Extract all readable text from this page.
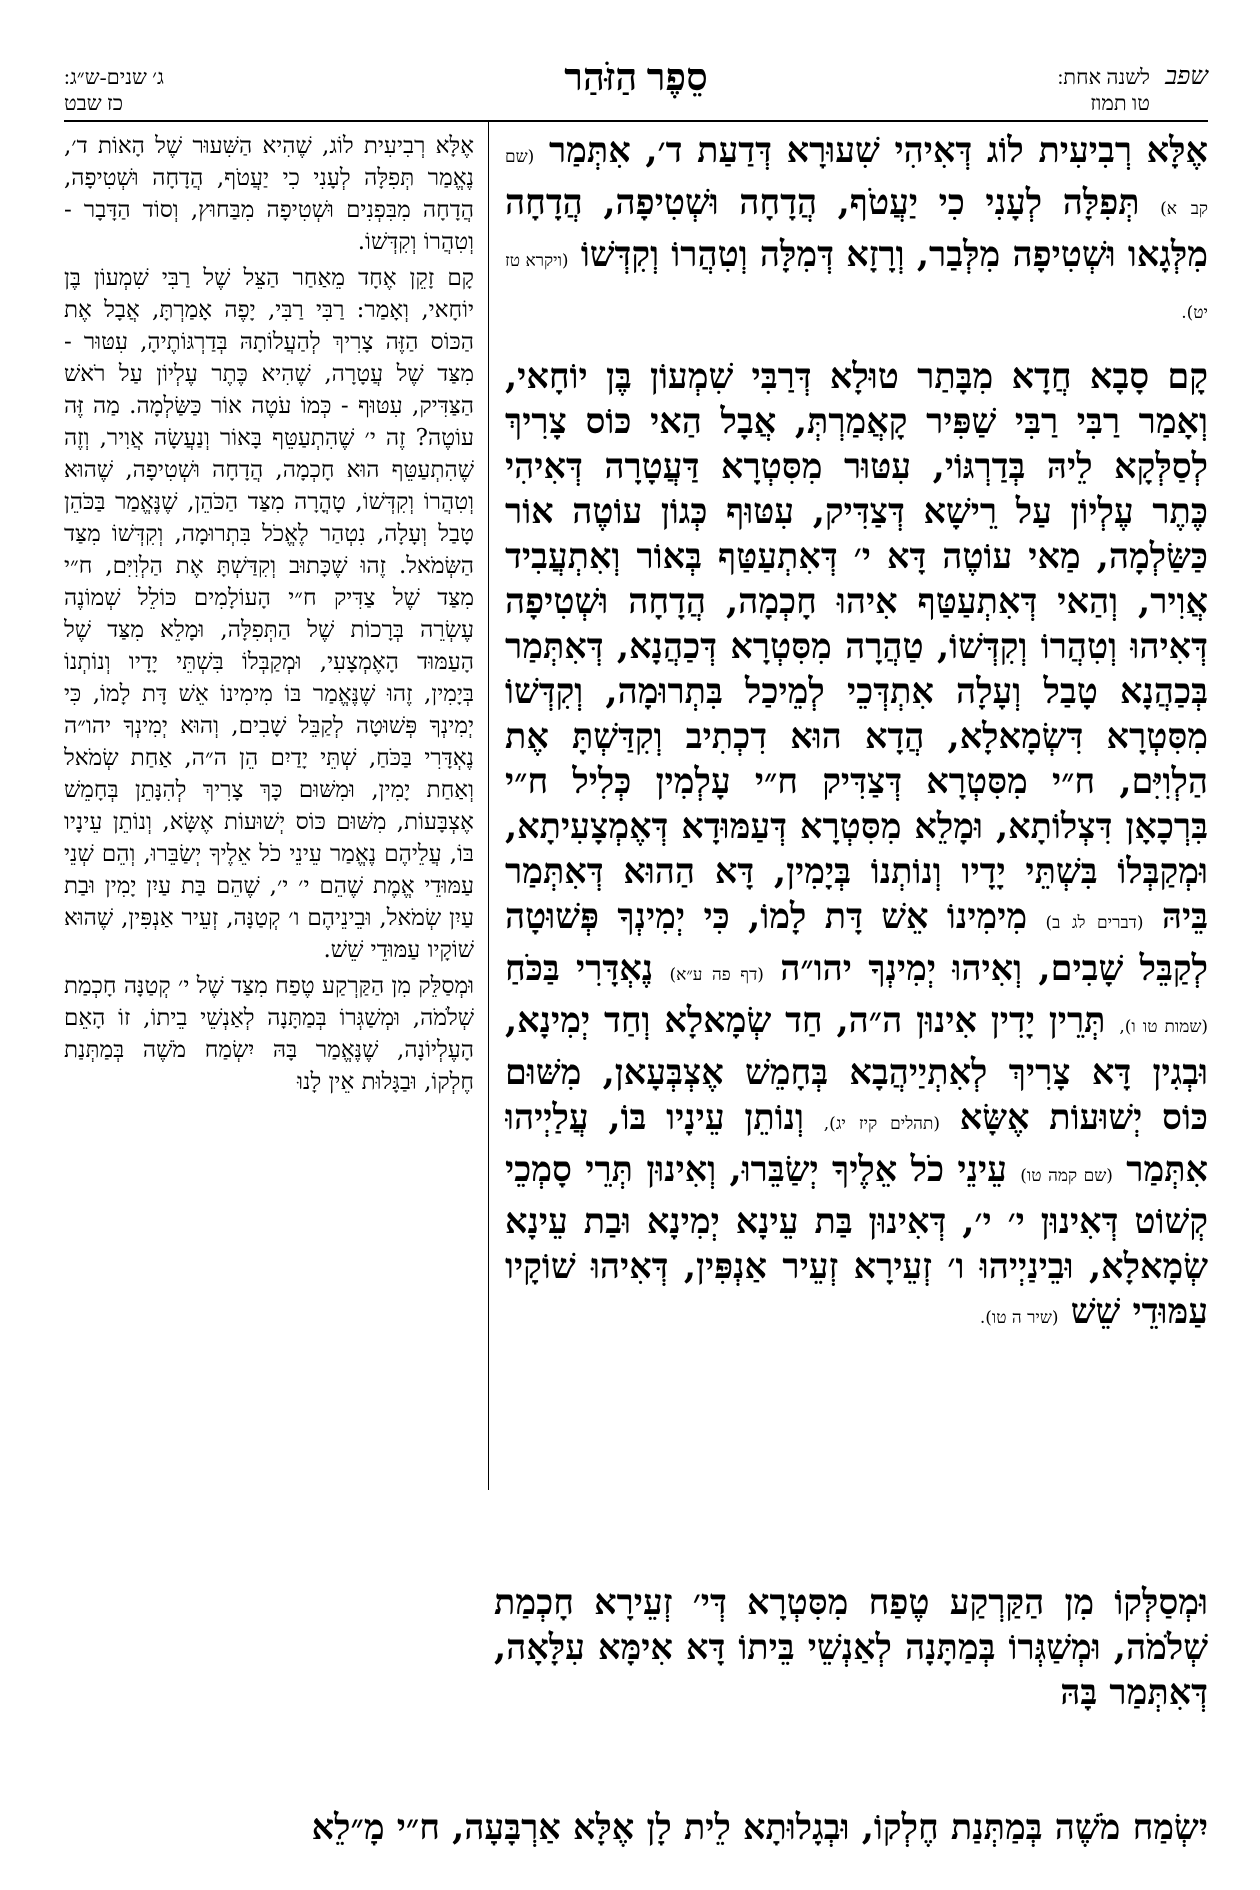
שפב
לשנה אחת:
טו תמוז
סֵפֶר הַזֹּהַר
ג׳ שנים-ש״ג:
כז שבט

אֶלָּא רְבִיעִית לוֹג דְּאִיהִי שִׁעוּרָא דְּדַעַת ד׳, אִתְּמַר (שם קב א) תְּפִלָּה לְעָנִי כִי יַעֲטֹף, הֲדָחָה וּשְׁטִיפָה, הֲדָחָה מִלְּגָאו וּשְׁטִיפָה מִלְּבַר, וְרָזָא דְּמִלָּה וְטִהֲרוֹ וְקִדְּשׁוֹ (ויקרא טז יט).

קָם סָבָא חֲדָא מִבָּתַר טוּלָא דְּרַבִּי שִׁמְעוֹן בֶּן יוֹחָאי, וְאָמַר רַבִּי רַבִּי שַׁפִּיר קָאֲמַרְתְּ, אֲבָל הַאי כּוֹס צָרִיךְ לְסַלְּקָא לֵיהּ בְּדַרְגּוֹי, עִטּוּר מִסִּטְרָא דַּעֲטָרָה דְּאִיהִי כֶּתֶר עֶלְיוֹן עַל רֵישָׁא דְּצַדִּיק, עִטּוּף כְּגוֹן עוֹטֶה אוֹר כַּשַּׂלְמָה, מַאי עוֹטֶה דָּא י׳ דְּאִתְעַטַּף בְּאוֹר וְאִתְעֲבִיד אֲוִיר, וְהַאי דְּאִתְעַטַּף אִיהוּ חָכְמָה, הֲדָחָה וּשְׁטִיפָה דְּאִיהוּ וְטִהֲרוֹ וְקִדְּשׁוֹ, טַהֲרָה מִסִּטְרָא דְּכַהֲנָא, דְּאִתְּמַר בְּכַהֲנָא טָבַל וְעָלָה אִתְדְּכֵי לְמֵיכַל בִּתְרוּמָה, וְקִדְּשׁוֹ מִסִּטְרָא דִּשְׂמָאלָא, הֲדָא הוּא דִכְתִיב וְקִדַּשְׁתָּ אֶת הַלְוִיִּם, ח״י מִסִּטְרָא דְּצַדִּיק ח״י עָלְמִין כְּלִיל ח״י בִּרְכָאָן דִּצְלוֹתָא, וּמָלֵא מִסִּטְרָא דְּעַמּוּדָא דְּאֶמְצָעִיתָא, וּמְקַבְּלוֹ בִּשְׁתֵּי יָדָיו וְנוֹתְנוֹ בְּיָמִין, דָּא הַהוּא דְּאִתְּמַר בֵּיהּ (דברים לג ב) מִימִינוֹ אֵשׁ דָּת לָמוֹ, כִּי יְמִינְךָ פְּשׁוּטָה לְקַבֵּל שָׁבִים, וְאִיהוּ יְמִינְךָ יהו״ה (דף פה ע״א) נֶאְדָּרִי בַּכֹּחַ (שמות טו ו), תְּרֵין יָדִין אִינוּן ה״ה, חַד שְׂמָאלָא וְחַד יְמִינָא, וּבְגִין דָּא צָרִיךְ לְאִתְיַיהֲבָא בְּחָמֵשׁ אֶצְבְּעָאן, מִשּׁוּם כּוֹס יְשׁוּעוֹת אֶשָּׂא (תהלים קיז יג), וְנוֹתֵן עֵינָיו בּוֹ, עֲלַיְיהוּ אִתְּמַר (שם קמה טו) עֵינֵי כֹל אֵלֶיךָ יְשַׂבֵּרוּ, וְאִינוּן תְּרֵי סָמְכֵי קְשׁוֹט דְּאִינוּן י׳ י׳, דְּאִינוּן בַּת עֵינָא יְמִינָא וּבַת עֵינָא שְׂמָאלָא, וּבֵינַיְיהוּ ו׳ זְעֵירָא זְעֵיר אַנְפִּין, דְּאִיהוּ שׁוֹקָיו עַמּוּדֵי שֵׁשׁ (שיר ה טו).

אֶלָּא רְבִיעִית לוֹג, שֶׁהִיא הַשִּׁעוּר שֶׁל הָאוֹת ד׳, נֶאֱמַר תְּפִלָּה לְעָנִי כִי יַעֲטֹף, הֲדָחָה וּשְׁטִיפָה, הֲדָחָה מִבִּפְנִים וּשְׁטִיפָה מִבַּחוּץ, וְסוֹד הַדָּבָר - וְטִהֲרוֹ וְקִדְּשׁוֹ.

קָם זָקֵן אֶחָד מֵאַחַר הַצֵּל שֶׁל רַבִּי שִׁמְעוֹן בֶּן יוֹחָאי, וְאָמַר: רַבִּי רַבִּי, יָפֶה אָמַרְתָּ, אֲבָל אֶת הַכּוֹס הַזֶּה צָרִיךְ לְהַעֲלוֹתָהּ בְּדַרְגּוֹתֶיהָ, עִטּוּר - מִצַּד שֶׁל עֲטָרָה, שֶׁהִיא כֶּתֶר עֶלְיוֹן עַל רֹאשׁ הַצַּדִּיק, עִטּוּף - כְּמוֹ עֹטֶה אוֹר כַּשַּׂלְמָה. מַה זֶּה עוֹטֶה? זֶה י׳ שֶׁהִתְעַטֵּף בָּאוֹר וְנַעֲשָׂה אֲוִיר, וְזֶה שֶׁהִתְעַטֵּף הוּא חָכְמָה, הֲדָחָה וּשְׁטִיפָה, שֶׁהוּא וְטִהֲרוֹ וְקִדְּשׁוֹ, טָהֳרָה מִצַּד הַכֹּהֵן, שֶׁנֶּאֱמַר בַּכֹּהֵן טָבַל וְעָלָה, נִטְהַר לֶאֱכֹל בִּתְרוּמָה, וְקִדְּשׁוֹ מִצַּד הַשְּׂמֹאל. זֶהוּ שֶׁכָּתוּב וְקִדַּשְׁתָּ אֶת הַלְוִיִּם, ח״י מִצַּד שֶׁל צַדִּיק ח״י הָעוֹלָמִים כּוֹלֵל שְׁמוֹנֶה עֶשְׂרֵה בְּרָכוֹת שֶׁל הַתְּפִלָּה, וּמָלֵא מִצַּד שֶׁל הָעַמּוּד הָאֶמְצָעִי, וּמְקַבְּלוֹ בִּשְׁתֵּי יָדָיו וְנוֹתְנוֹ בְּיָמִין, זֶהוּ שֶׁנֶּאֱמַר בּוֹ מִימִינוֹ אֵשׁ דָּת לָמוֹ, כִּי יְמִינְךָ פְּשׁוּטָה לְקַבֵּל שָׁבִים, וְהוּא יְמִינְךָ יהו״ה נֶאְדָּרִי בַּכֹּחַ, שְׁתֵּי יָדַיִם הֵן ה״ה, אַחַת שְׂמֹאל וְאַחַת יָמִין, וּמִשּׁוּם כָּךְ צָרִיךְ לְהִנָּתֵן בְּחָמֵשׁ אֶצְבָּעוֹת, מִשּׁוּם כּוֹס יְשׁוּעוֹת אֶשָּׂא, וְנוֹתֵן עֵינָיו בּוֹ, עֲלֵיהֶם נֶאֱמַר עֵינֵי כֹל אֵלֶיךָ יְשַׂבֵּרוּ, וְהֵם שְׁנֵי עַמּוּדֵי אֱמֶת שֶׁהֵם י׳ י׳, שֶׁהֵם בַּת עַיִן יָמִין וּבַת עַיִן שְׂמֹאל, וּבֵינֵיהֶם ו׳ קְטַנָּה, זְעֵיר אַנְפִּין, שֶׁהוּא שׁוֹקָיו עַמּוּדֵי שֵׁשׁ.

וּמְסַלֵּק מִן הַקַּרְקַע טֶפַח מִצַּד שֶׁל י׳ קְטַנָּה חָכְמַת שְׁלֹמֹה, וּמְשַׁגְּרוֹ בְּמַתָּנָה לְאַנְשֵׁי בֵיתוֹ, זוֹ הָאֵם הָעֶלְיוֹנָה, שֶׁנֶּאֱמַר בָּהּ יִשְׂמַח מֹשֶׁה בְּמַתְּנַת חֶלְקוֹ, וּבַגָּלוּת אֵין לָנוּ

וּמְסַלְּקוֹ מִן הַקַּרְקַע טֶפַח מִסִּטְרָא דְּי׳ זְעֵירָא חָכְמַת שְׁלֹמֹה, וּמְשַׁגְּרוֹ בְּמַתָּנָה לְאַנְשֵׁי בֵּיתוֹ דָּא אִימָּא עִלָּאָה, דְּאִתְּמַר בָּהּ
יִשְׂמַח מֹשֶׁה בְּמַתְּנַת חֶלְקוֹ, וּבְגָלוּתָא לֵית לָן אֶלָּא אַרְבָּעָה, ח״י מָ״לֵא
